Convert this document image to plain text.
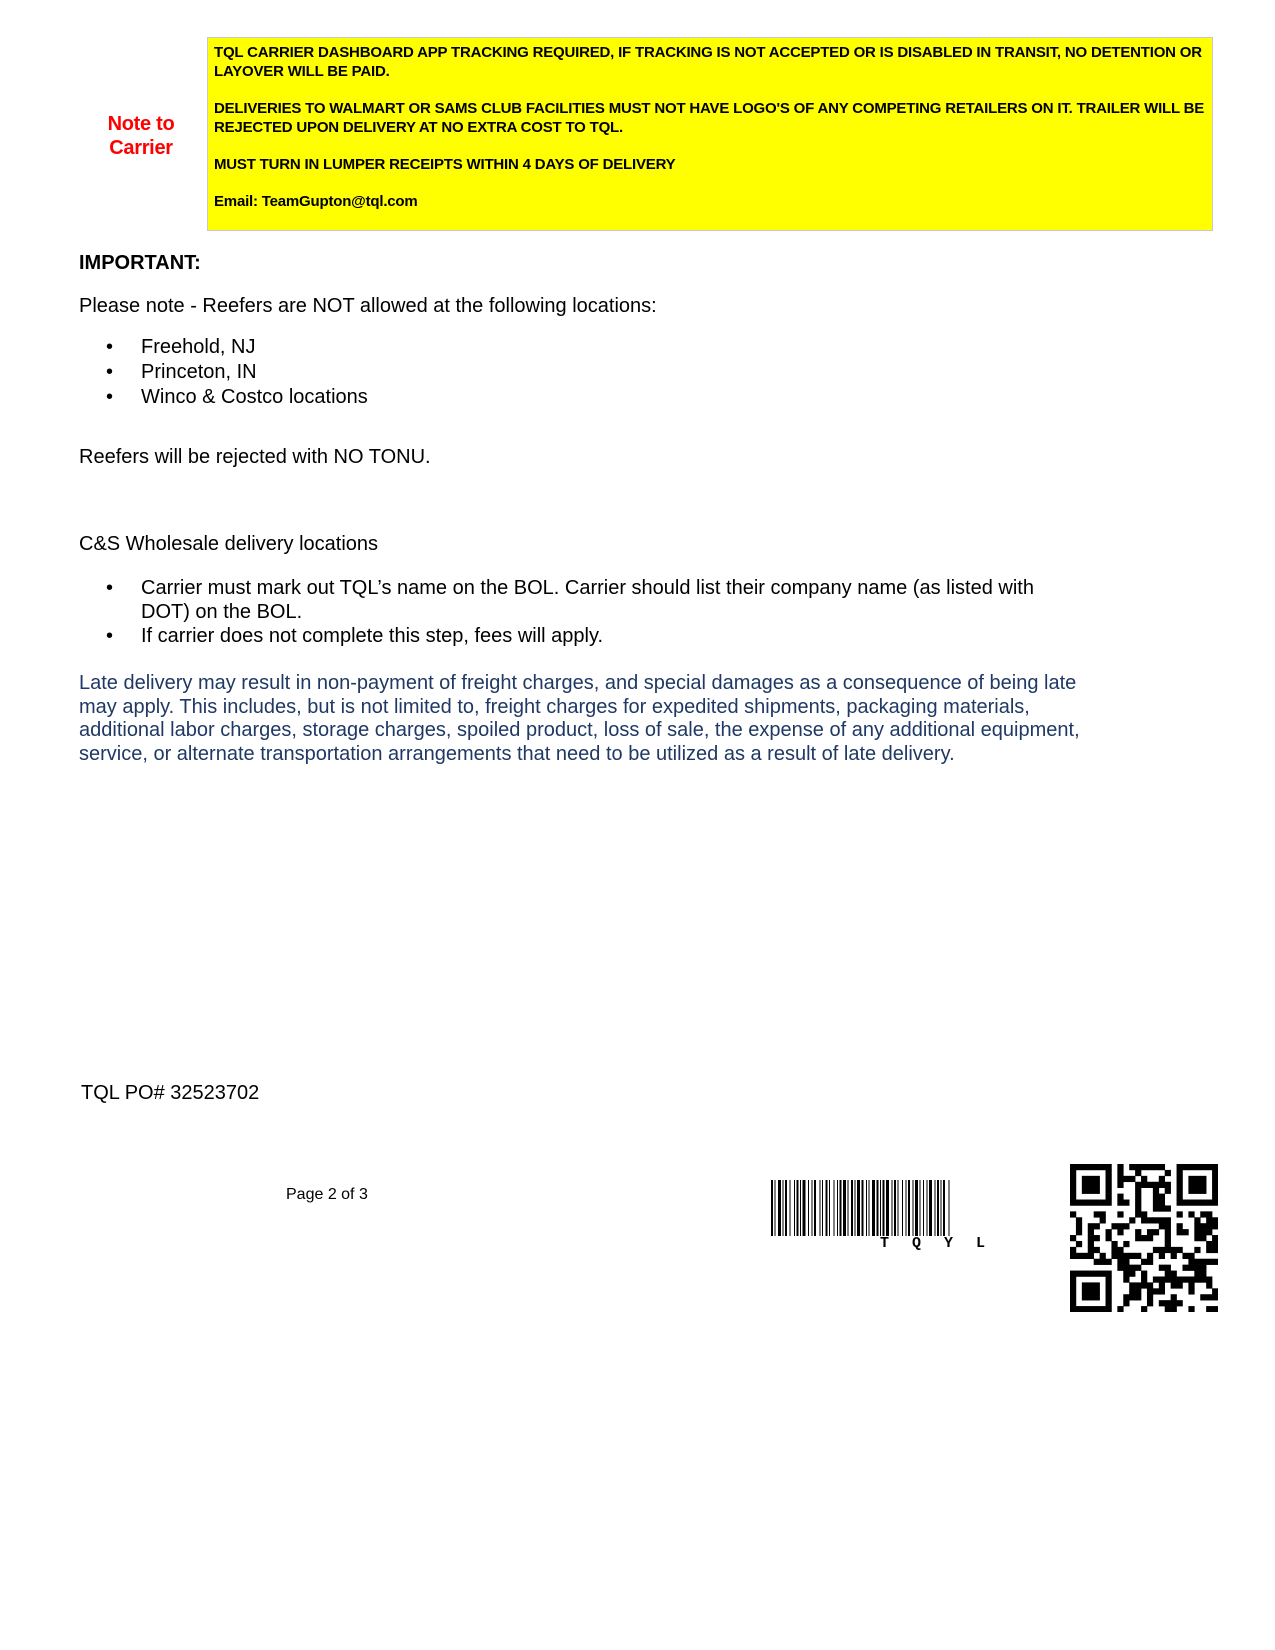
Note to
Carrier

TQL CARRIER DASHBOARD APP TRACKING REQUIRED, IF TRACKING IS NOT ACCEPTED OR IS DISABLED IN TRANSIT, NO DETENTION OR LAYOVER WILL BE PAID.

DELIVERIES TO WALMART OR SAMS CLUB FACILITIES MUST NOT HAVE LOGO'S OF ANY COMPETING RETAILERS ON IT. TRAILER WILL BE REJECTED UPON DELIVERY AT NO EXTRA COST TO TQL.

MUST TURN IN LUMPER RECEIPTS WITHIN 4 DAYS OF DELIVERY

Email: TeamGupton@tql.com

IMPORTANT:
Please note - Reefers are NOT allowed at the following locations:
• Freehold, NJ
• Princeton, IN
• Winco & Costco locations
Reefers will be rejected with NO TONU.
C&S Wholesale delivery locations
• Carrier must mark out TQL’s name on the BOL. Carrier should list their company name (as listed with DOT) on the BOL.
• If carrier does not complete this step, fees will apply.
Late delivery may result in non-payment of freight charges, and special damages as a consequence of being late may apply. This includes, but is not limited to, freight charges for expedited shipments, packaging materials, additional labor charges, storage charges, spoiled product, loss of sale, the expense of any additional equipment, service, or alternate transportation arrangements that need to be utilized as a result of late delivery.
TQL PO# 32523702
Page 2 of 3
TQYL
